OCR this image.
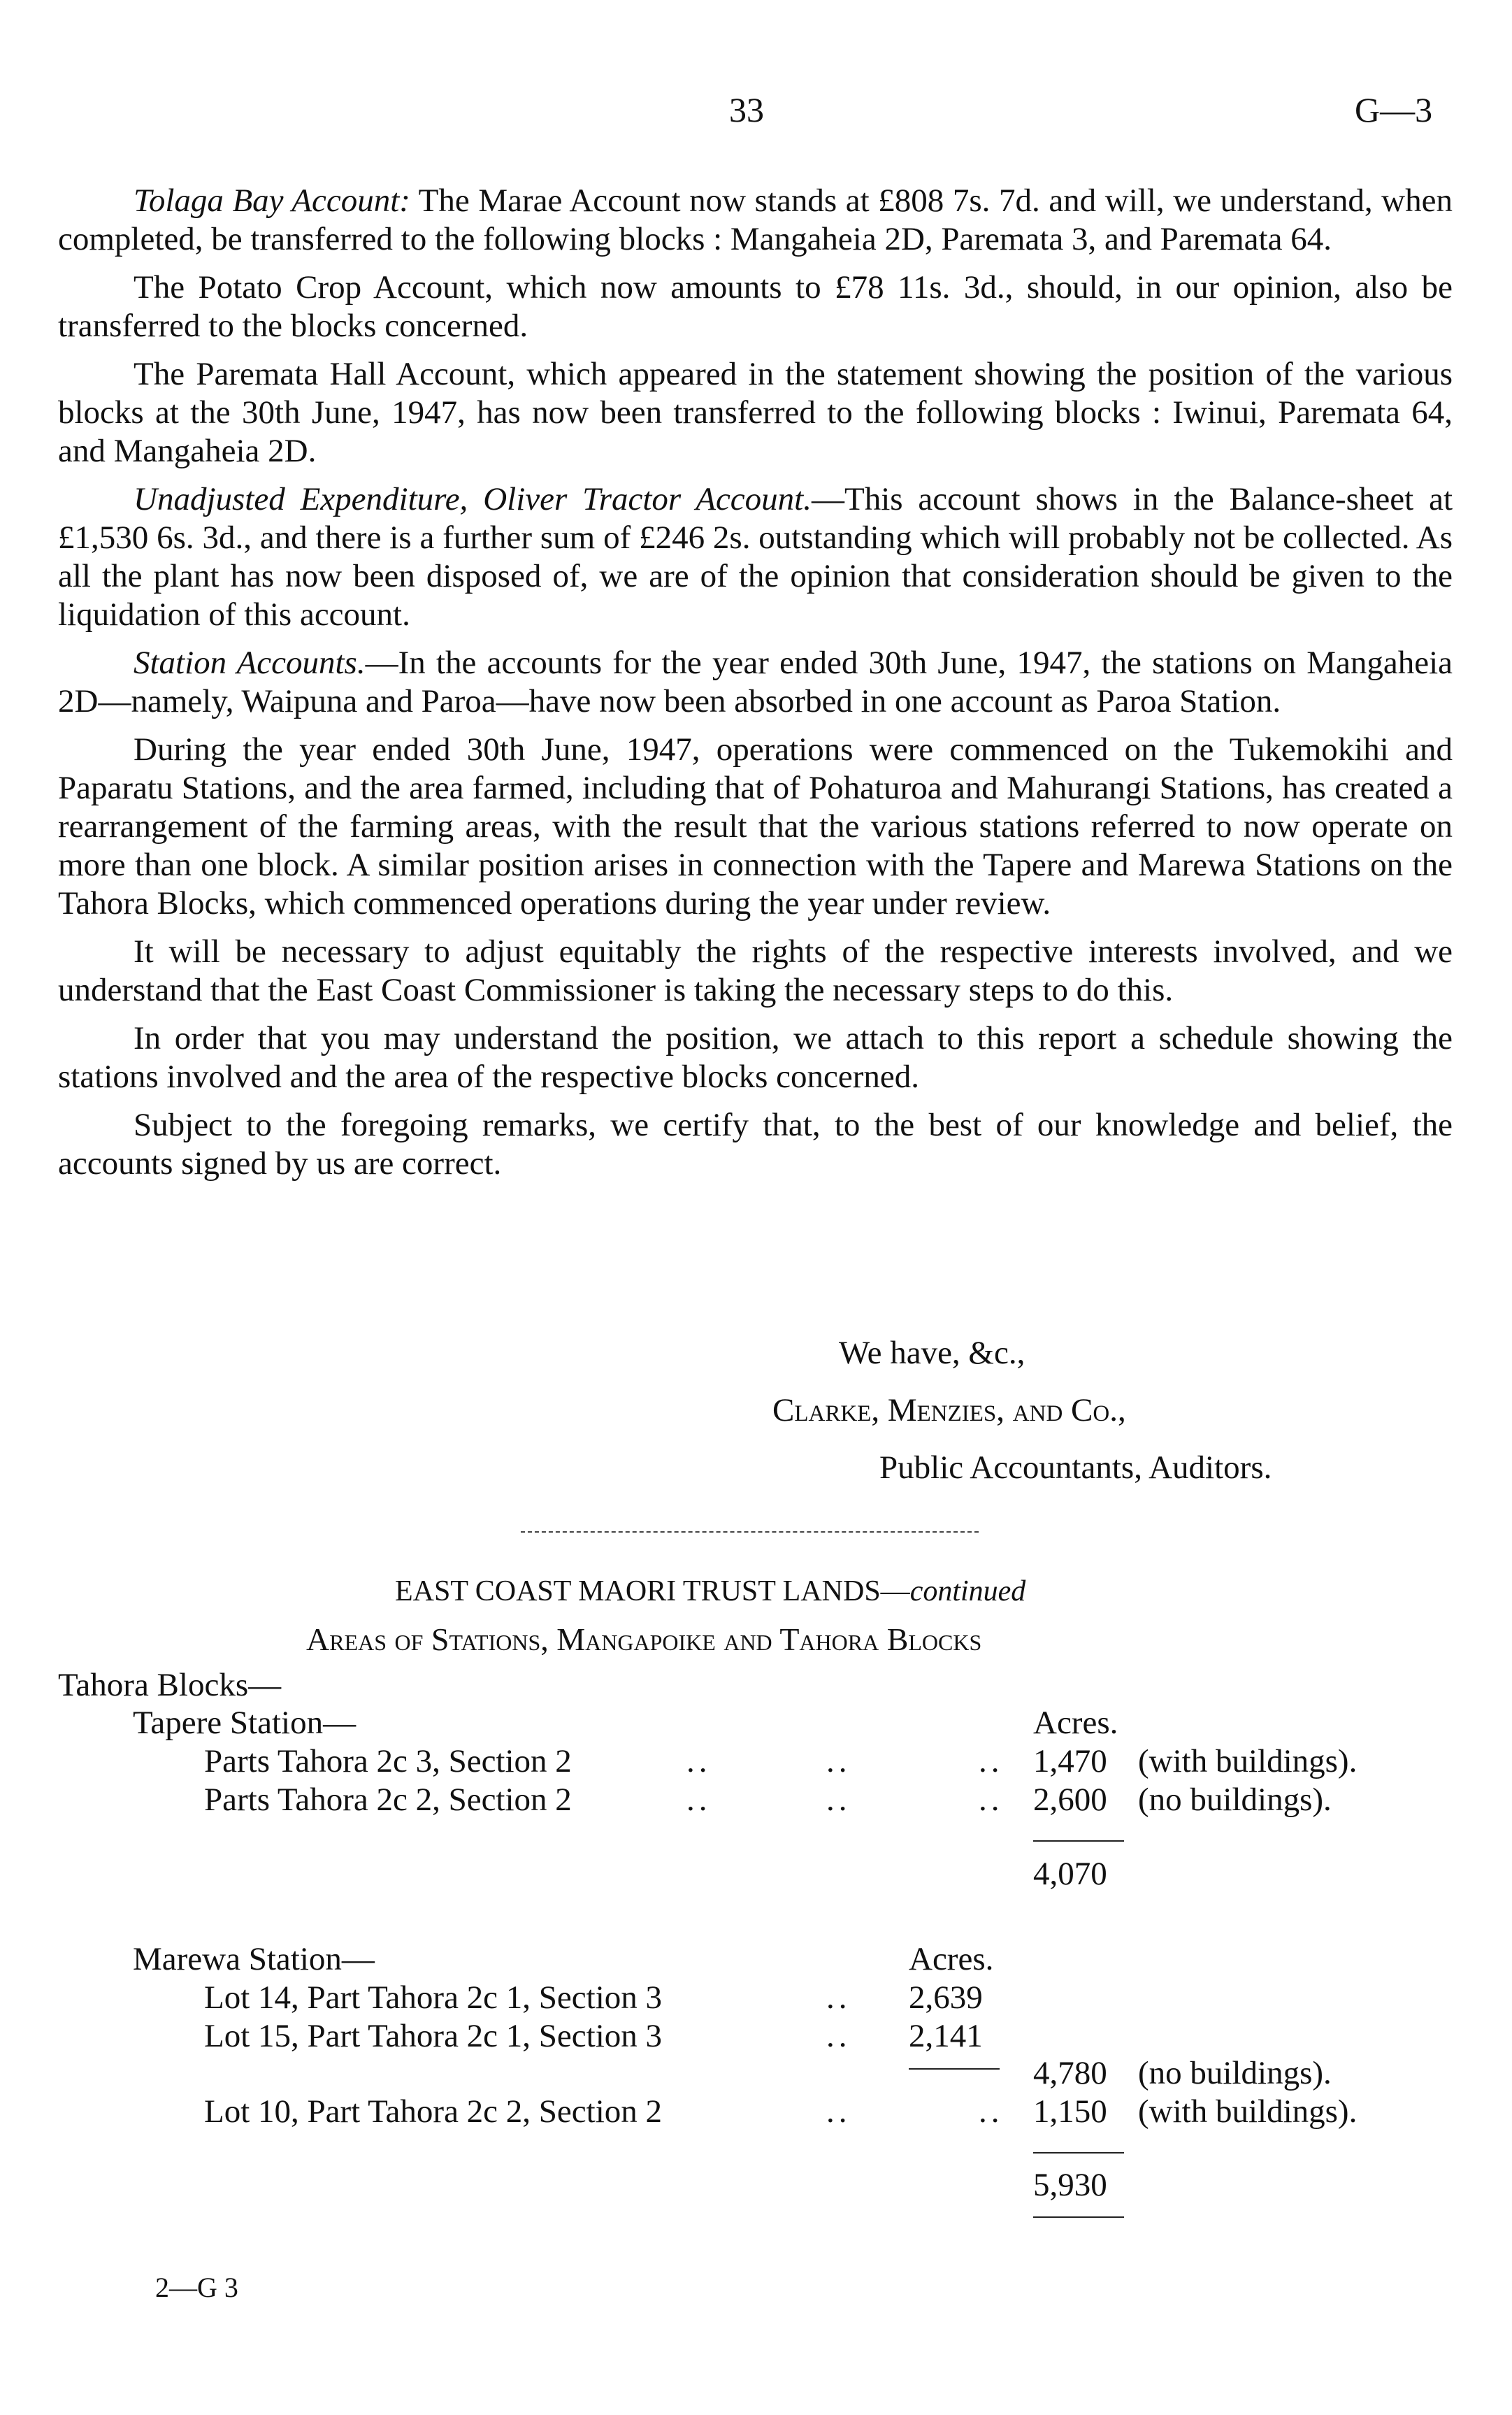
33	G—3

Tolaga Bay Account: The Marae Account now stands at £808 7s. 7d. and will, we understand, when completed, be transferred to the following blocks : Mangaheia 2D, Paremata 3, and Paremata 64.

The Potato Crop Account, which now amounts to £78 11s. 3d., should, in our opinion, also be transferred to the blocks concerned.

The Paremata Hall Account, which appeared in the statement showing the position of the various blocks at the 30th June, 1947, has now been transferred to the following blocks : Iwinui, Paremata 64, and Mangaheia 2D.

Unadjusted Expenditure, Oliver Tractor Account.—This account shows in the Balance-sheet at £1,530 6s. 3d., and there is a further sum of £246 2s. outstanding which will probably not be collected. As all the plant has now been disposed of, we are of the opinion that consideration should be given to the liquidation of this account.

Station Accounts.—In the accounts for the year ended 30th June, 1947, the stations on Mangaheia 2D—namely, Waipuna and Paroa—have now been absorbed in one account as Paroa Station.

During the year ended 30th June, 1947, operations were commenced on the Tukemokihi and Paparatu Stations, and the area farmed, including that of Pohaturoa and Mahurangi Stations, has created a rearrangement of the farming areas, with the result that the various stations referred to now operate on more than one block. A similar position arises in connection with the Tapere and Marewa Stations on the Tahora Blocks, which commenced operations during the year under review.

It will be necessary to adjust equitably the rights of the respective interests involved, and we understand that the East Coast Commissioner is taking the necessary steps to do this.

In order that you may understand the position, we attach to this report a schedule showing the stations involved and the area of the respective blocks concerned.

Subject to the foregoing remarks, we certify that, to the best of our knowledge and belief, the accounts signed by us are correct.

We have, &c.,
Clarke, Menzies, and Co.,
Public Accountants, Auditors.
EAST COAST MAORI TRUST LANDS—continued
Areas of Stations, Mangapoike and Tahora Blocks
Tahora Blocks—
Tapere Station—	Acres.
Parts Tahora 2c 3, Section 2	..	..	.. 1,470 (with buildings).
Parts Tahora 2c 2, Section 2	..	..	.. 2,600 (no buildings).
4,070
Marewa Station—	Acres.
Lot 14, Part Tahora 2c 1, Section 3	.. 2,639
Lot 15, Part Tahora 2c 1, Section 3	.. 2,141
4,780 (no buildings).
Lot 10, Part Tahora 2c 2, Section 2	..	.. 1,150 (with buildings).
5,930
2—G 3
